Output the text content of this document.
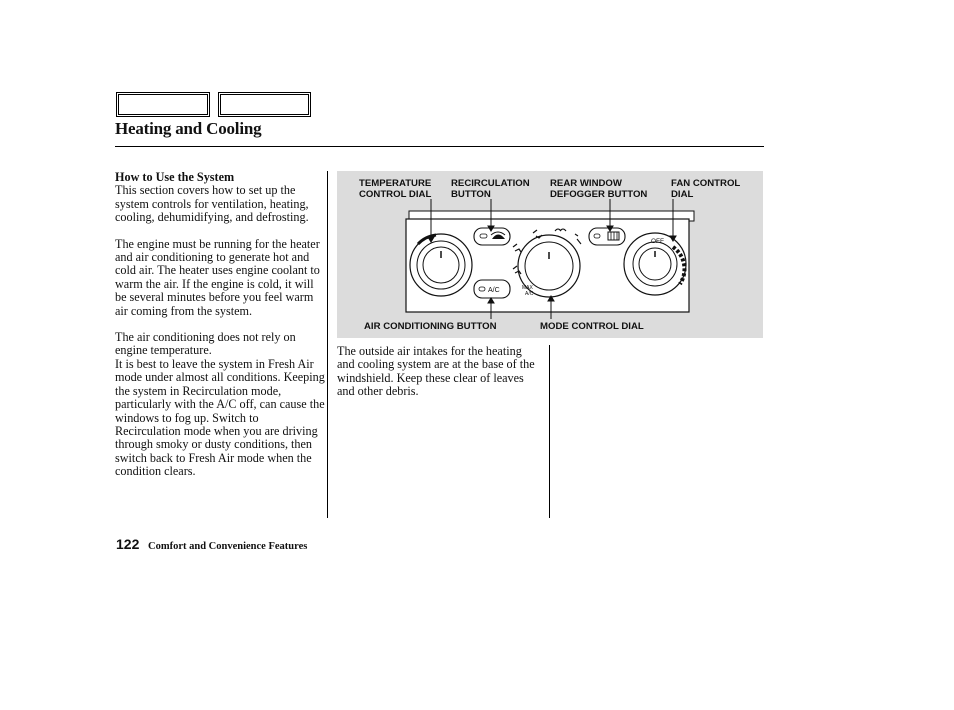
Heating and Cooling

How to Use the System

This section covers how to set up the system controls for ventilation, heating, cooling, dehumidifying, and defrosting.

The engine must be running for the heater and air conditioning to generate hot and cold air. The heater uses engine coolant to warm the air. If the engine is cold, it will be several minutes before you feel warm air coming from the system.

The air conditioning does not rely on engine temperature.

It is best to leave the system in Fresh Air mode under almost all conditions. Keeping the system in Recirculation mode, particularly with the A/C off, can cause the windows to fog up. Switch to Recirculation mode when you are driving through smoky or dusty conditions, then switch back to Fresh Air mode when the condition clears.

TEMPERATURE
CONTROL DIAL
RECIRCULATION
BUTTON
REAR WINDOW
DEFOGGER BUTTON
FAN CONTROL
DIAL
AIR CONDITIONING BUTTON	MODE CONTROL DIAL
A/C	MAX
A/C
OFF

The outside air intakes for the heating and cooling system are at the base of the windshield. Keep these clear of leaves and other debris.

122 Comfort and Convenience Features
